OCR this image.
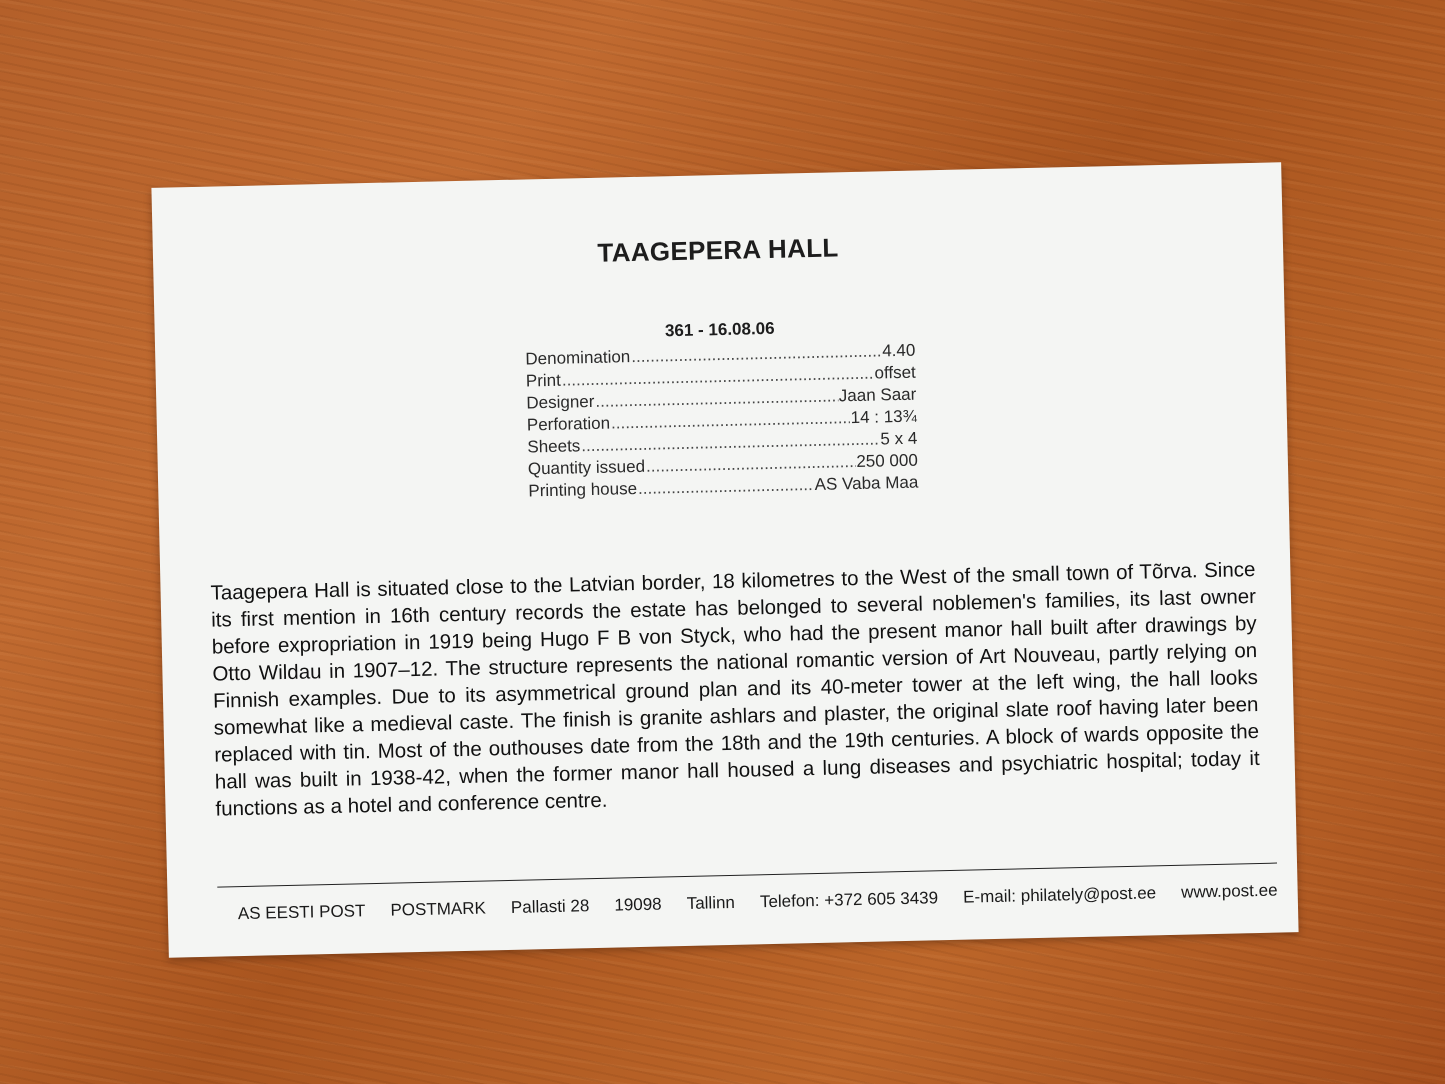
TAAGEPERA HALL
361 - 16.08.06
Denomination .....	4.40
Print .....	offset
Designer .....	Jaan Saar
Perforation .....	14 : 13¾
Sheets .....	5 x 4
Quantity issued .....	250 000
Printing house .....	AS Vaba Maa
Taagepera Hall is situated close to the Latvian border, 18 kilometres to the West of the small town of Tõrva. Since its first mention in 16th century records the estate has belonged to several noblemen's families, its last owner before expropriation in 1919 being Hugo F B von Styck, who had the present manor hall built after drawings by Otto Wildau in 1907–12. The structure represents the national romantic version of Art Nouveau, partly relying on Finnish examples. Due to its asymmetrical ground plan and its 40-meter tower at the left wing, the hall looks somewhat like a medieval caste. The finish is granite ashlars and plaster, the original slate roof having later been replaced with tin. Most of the outhouses date from the 18th and the 19th centuries. A block of wards opposite the hall was built in 1938-42, when the former manor hall housed a lung diseases and psychiatric hospital; today it functions as a hotel and conference centre.
AS EESTI POST POSTMARK Pallasti 28 19098 Tallinn Telefon: +372 605 3439 E-mail: philately@post.ee www.post.ee
